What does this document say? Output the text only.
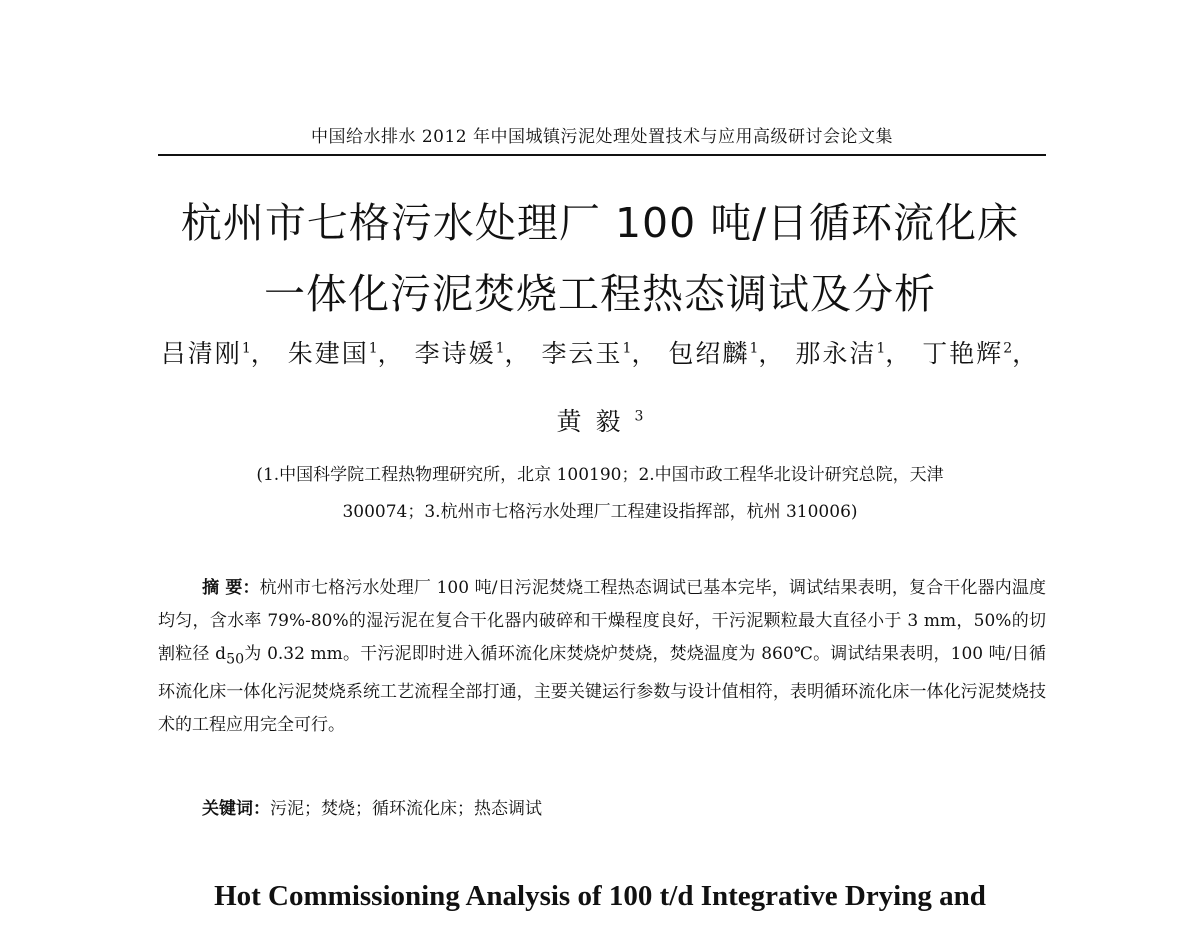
中国给水排水 2012 年中国城镇污泥处理处置技术与应用高级研讨会论文集
杭州市七格污水处理厂 100 吨/日循环流化床
一体化污泥焚烧工程热态调试及分析
吕清刚$^1$， 朱建国$^1$， 李诗媛$^1$， 李云玉$^1$， 包绍麟$^1$， 那永洁$^1$， 丁艳辉$^2$，
黄毅$^3$
(1.中国科学院工程热物理研究所，北京 100190；2.中国市政工程华北设计研究总院，天津
300074；3.杭州市七格污水处理厂工程建设指挥部，杭州 310006)
摘 要：杭州市七格污水处理厂 100 吨/日污泥焚烧工程热态调试已基本完毕，调试结果表明，复合干化器内温度均匀，含水率 79%-80%的湿污泥在复合干化器内破碎和干燥程度良好，干污泥颗粒最大直径小于 3 mm，50%的切割粒径 $d_{50}$为 0.32 mm。干污泥即时进入循环流化床焚烧炉焚烧，焚烧温度为 860℃。调试结果表明，100 吨/日循环流化床一体化污泥焚烧系统工艺流程全部打通，主要关键运行参数与设计值相符，表明循环流化床一体化污泥焚烧技术的工程应用完全可行。
关键词：污泥；焚烧；循环流化床；热态调试
Hot Commissioning Analysis of 100 t/d Integrative Drying and
